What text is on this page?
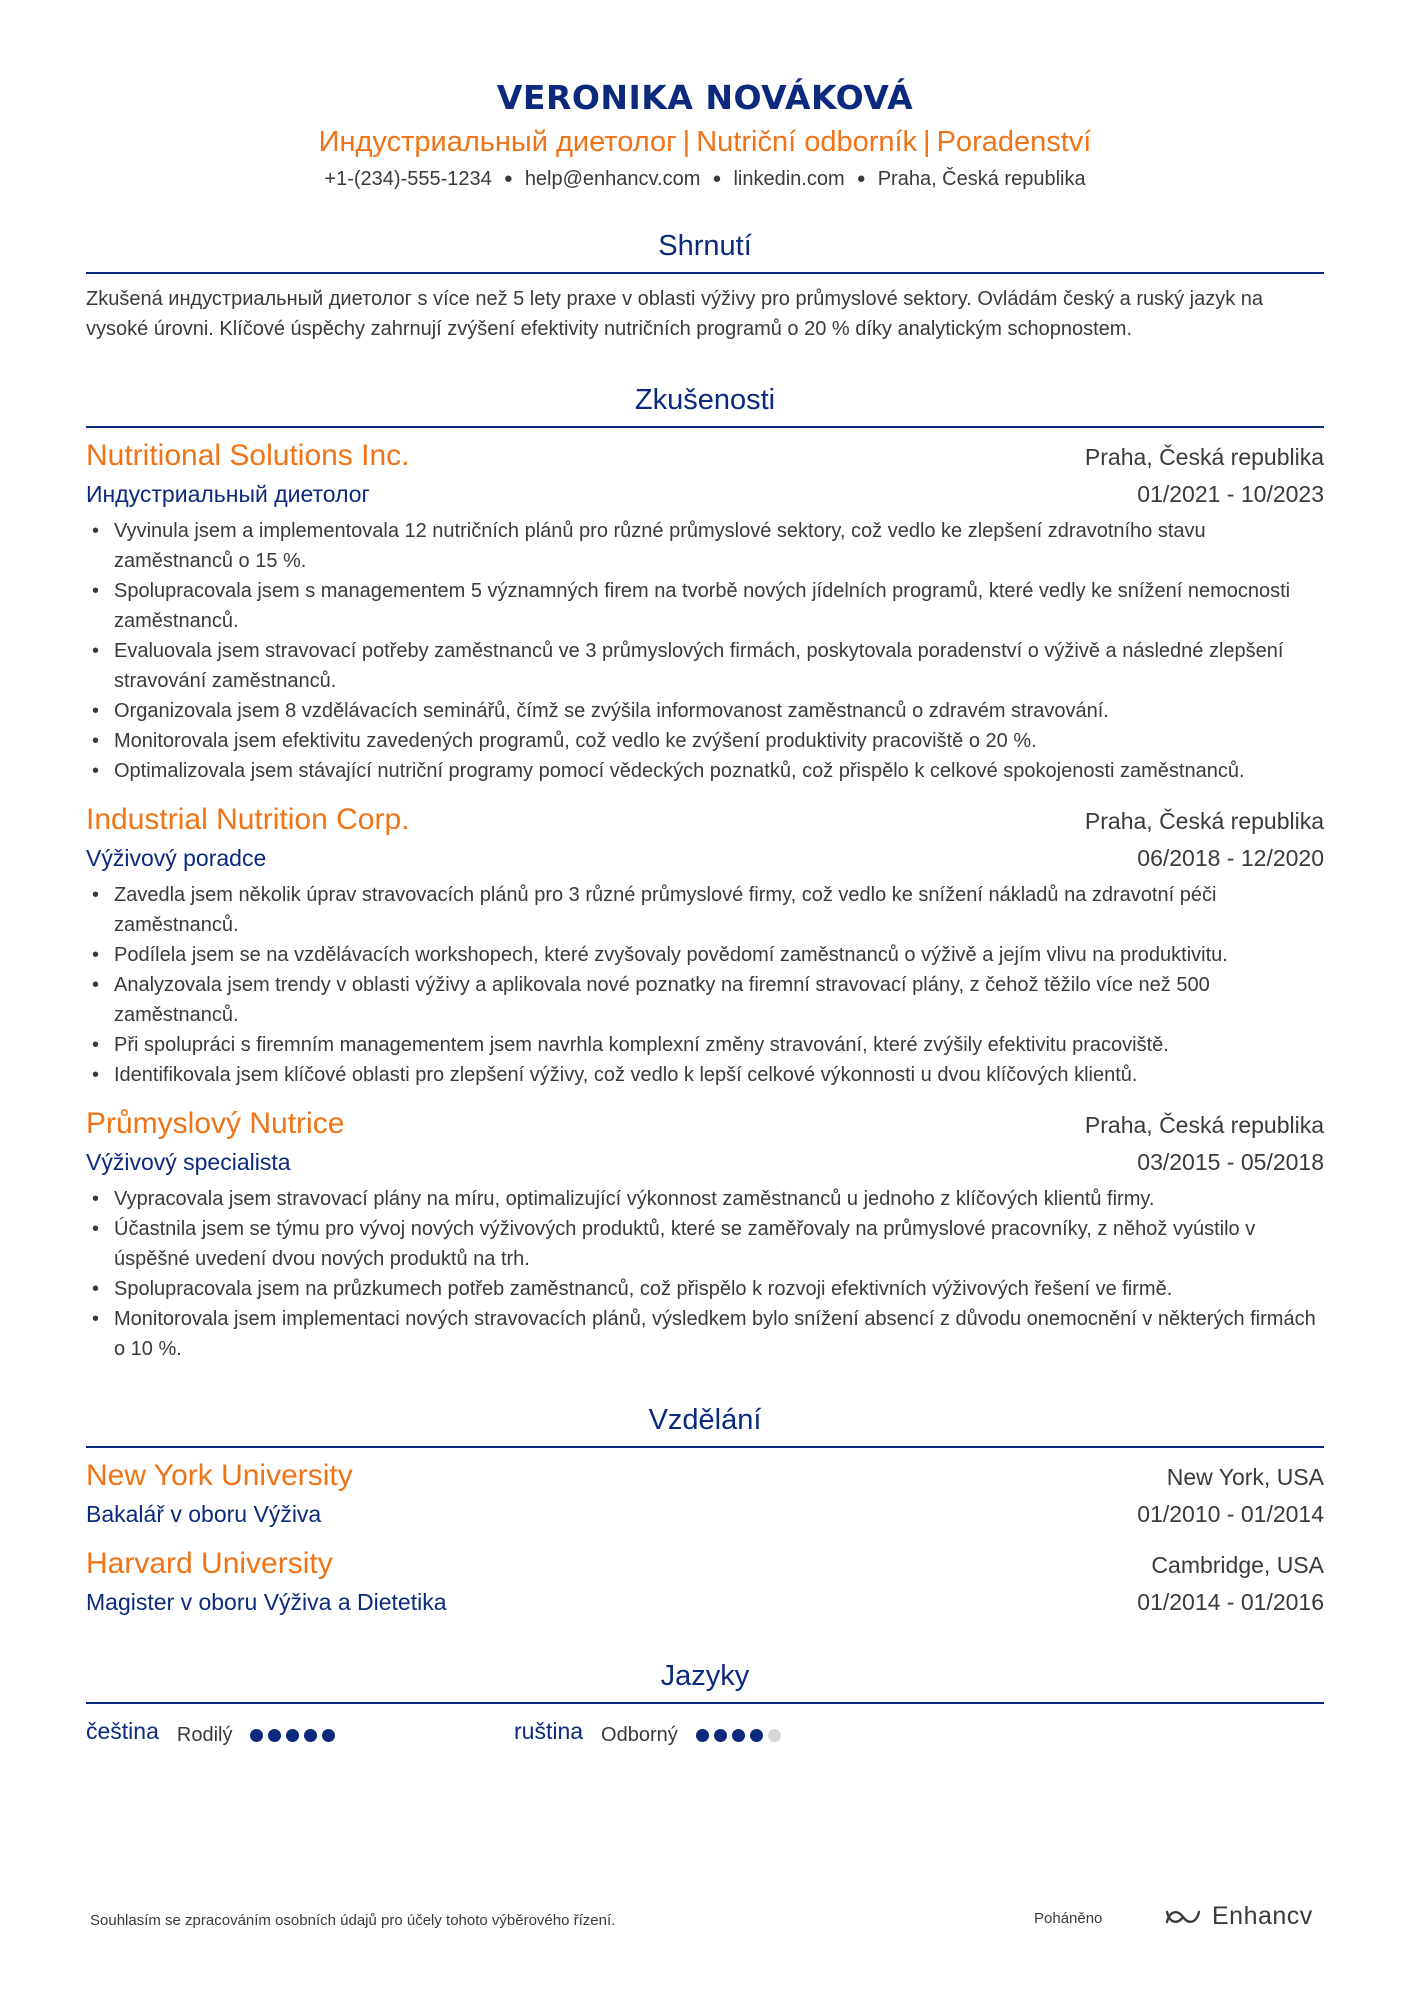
VERONIKA NOVÁKOVÁ
Индустриальный диетолог | Nutriční odborník | Poradenství
+1-(234)-555-1234 ● help@enhancv.com ● linkedin.com ● Praha, Česká republika
Shrnutí
Zkušená индустриальный диетолог s více než 5 lety praxe v oblasti výživy pro průmyslové sektory. Ovládám český a ruský jazyk na vysoké úrovni. Klíčové úspěchy zahrnují zvýšení efektivity nutričních programů o 20 % díky analytickým schopnostem.
Zkušenosti
Nutritional Solutions Inc.	Praha, Česká republika
Индустриальный диетолог	01/2021 - 10/2023
• Vyvinula jsem a implementovala 12 nutričních plánů pro různé průmyslové sektory, což vedlo ke zlepšení zdravotního stavu zaměstnanců o 15 %.
• Spolupracovala jsem s managementem 5 významných firem na tvorbě nových jídelních programů, které vedly ke snížení nemocnosti zaměstnanců.
• Evaluovala jsem stravovací potřeby zaměstnanců ve 3 průmyslových firmách, poskytovala poradenství o výživě a následné zlepšení stravování zaměstnanců.
• Organizovala jsem 8 vzdělávacích seminářů, čímž se zvýšila informovanost zaměstnanců o zdravém stravování.
• Monitorovala jsem efektivitu zavedených programů, což vedlo ke zvýšení produktivity pracoviště o 20 %.
• Optimalizovala jsem stávající nutriční programy pomocí vědeckých poznatků, což přispělo k celkové spokojenosti zaměstnanců.
Industrial Nutrition Corp.	Praha, Česká republika
Výživový poradce	06/2018 - 12/2020
• Zavedla jsem několik úprav stravovacích plánů pro 3 různé průmyslové firmy, což vedlo ke snížení nákladů na zdravotní péči zaměstnanců.
• Podílela jsem se na vzdělávacích workshopech, které zvyšovaly povědomí zaměstnanců o výživě a jejím vlivu na produktivitu.
• Analyzovala jsem trendy v oblasti výživy a aplikovala nové poznatky na firemní stravovací plány, z čehož těžilo více než 500 zaměstnanců.
• Při spolupráci s firemním managementem jsem navrhla komplexní změny stravování, které zvýšily efektivitu pracoviště.
• Identifikovala jsem klíčové oblasti pro zlepšení výživy, což vedlo k lepší celkové výkonnosti u dvou klíčových klientů.
Průmyslový Nutrice	Praha, Česká republika
Výživový specialista	03/2015 - 05/2018
• Vypracovala jsem stravovací plány na míru, optimalizující výkonnost zaměstnanců u jednoho z klíčových klientů firmy.
• Účastnila jsem se týmu pro vývoj nových výživových produktů, které se zaměřovaly na průmyslové pracovníky, z něhož vyústilo v úspěšné uvedení dvou nových produktů na trh.
• Spolupracovala jsem na průzkumech potřeb zaměstnanců, což přispělo k rozvoji efektivních výživových řešení ve firmě.
• Monitorovala jsem implementaci nových stravovacích plánů, výsledkem bylo snížení absencí z důvodu onemocnění v některých firmách o 10 %.
Vzdělání
New York University	New York, USA
Bakalář v oboru Výživa	01/2010 - 01/2014
Harvard University	Cambridge, USA
Magister v oboru Výživa a Dietetika	01/2014 - 01/2016
Jazyky
čeština Rodilý	ruština Odborný
Souhlasím se zpracováním osobních údajů pro účely tohoto výběrového řízení.	Poháněno	Enhancv
